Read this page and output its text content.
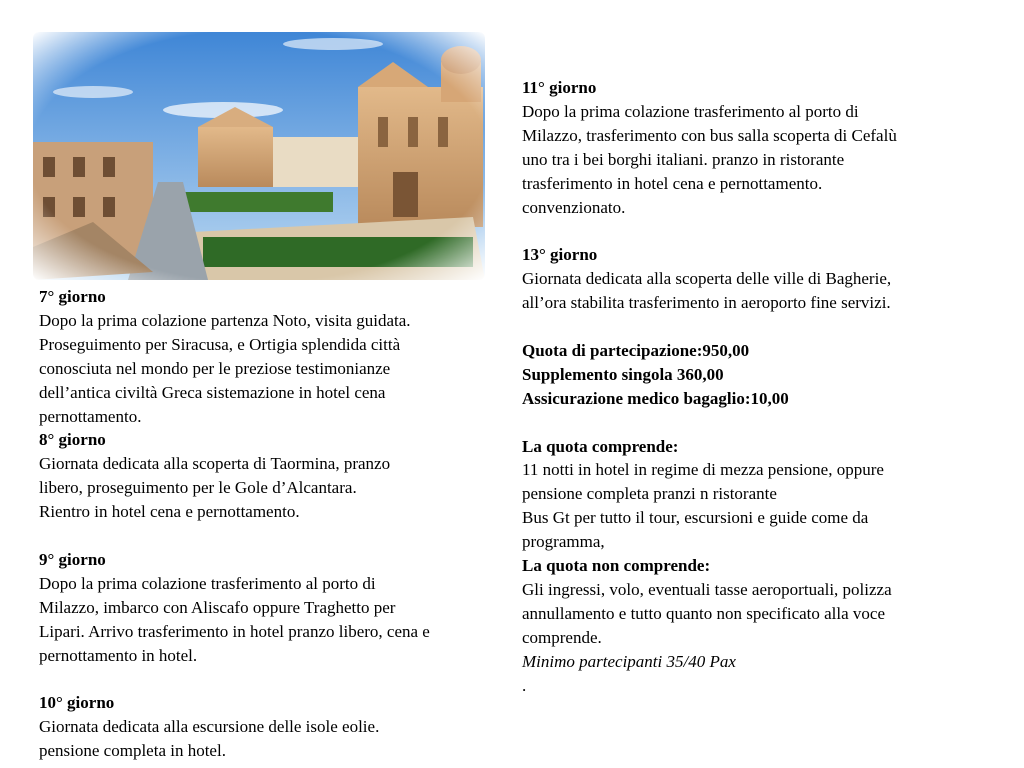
7° giorno

Dopo la prima colazione partenza Noto, visita guidata.

Proseguimento per Siracusa, e Ortigia splendida città

conosciuta nel mondo per le preziose testimonianze

dell’antica civiltà Greca sistemazione in hotel cena

pernottamento.

8° giorno

Giornata dedicata alla scoperta di Taormina, pranzo

libero, proseguimento per le Gole d’Alcantara.

Rientro in hotel cena e pernottamento.

9° giorno

Dopo la prima colazione trasferimento al porto di

Milazzo, imbarco con Aliscafo oppure Traghetto per

Lipari. Arrivo trasferimento in hotel pranzo libero, cena e

pernottamento in hotel.

10° giorno

Giornata dedicata alla escursione delle isole eolie.

pensione completa in hotel.

11° giorno

Dopo la prima colazione trasferimento al porto di

Milazzo, trasferimento con bus salla scoperta di Cefalù

uno tra i bei borghi italiani. pranzo in ristorante

trasferimento in hotel cena e pernottamento.

convenzionato.

13° giorno

Giornata dedicata alla scoperta delle ville di Bagherie,

all’ora stabilita trasferimento in aeroporto fine servizi.

Quota di partecipazione:950,00

Supplemento singola 360,00

Assicurazione medico bagaglio:10,00

La quota comprende:

11 notti in hotel in regime di mezza pensione, oppure

pensione completa pranzi n ristorante

Bus Gt per tutto il tour, escursioni e guide come da

programma,

La quota non comprende:

Gli ingressi, volo, eventuali tasse aeroportuali, polizza

annullamento e tutto quanto non specificato alla voce

comprende.

Minimo partecipanti 35/40 Pax

.
